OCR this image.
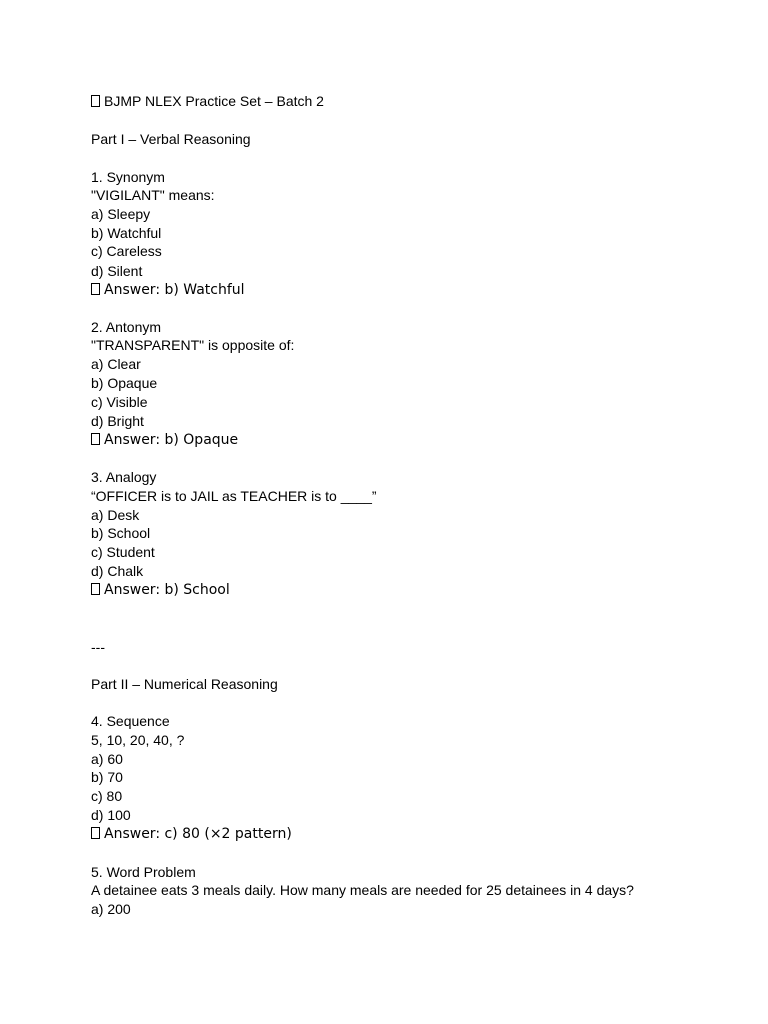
BJMP NLEX Practice Set – Batch 2
Part I – Verbal Reasoning
1. Synonym
"VIGILANT" means:
a) Sleepy
b) Watchful
c) Careless
d) Silent
Answer: b) Watchful
2. Antonym
"TRANSPARENT" is opposite of:
a) Clear
b) Opaque
c) Visible
d) Bright
Answer: b) Opaque
3. Analogy
“OFFICER is to JAIL as TEACHER is to ____”
a) Desk
b) School
c) Student
d) Chalk
Answer: b) School
---
Part II – Numerical Reasoning
4. Sequence
5, 10, 20, 40, ?
a) 60
b) 70
c) 80
d) 100
Answer: c) 80 (×2 pattern)
5. Word Problem
A detainee eats 3 meals daily. How many meals are needed for 25 detainees in 4 days?
a) 200
